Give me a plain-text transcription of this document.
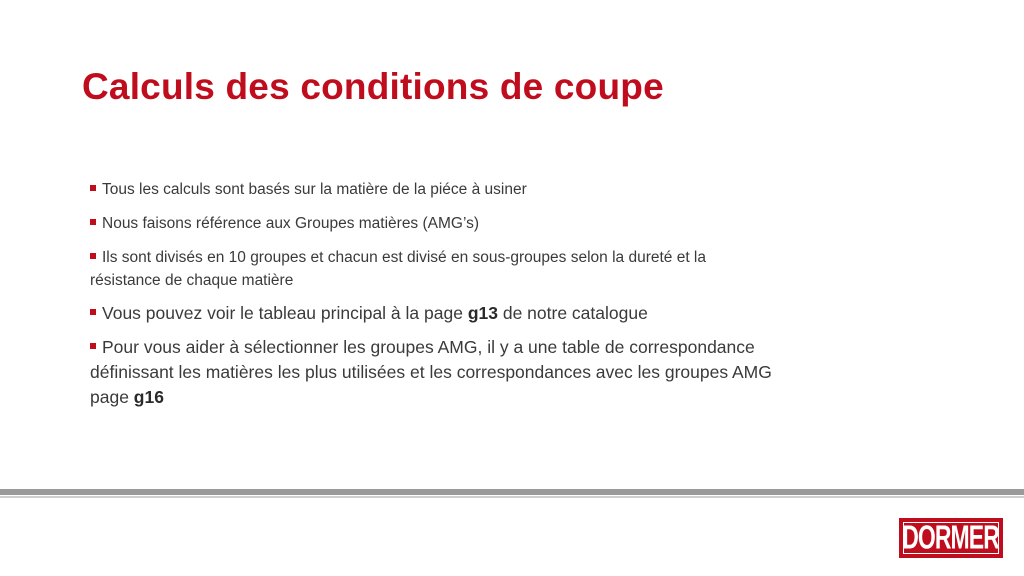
Calculs des conditions de coupe
Tous les calculs sont basés sur la matière de la piéce à usiner
Nous faisons référence aux Groupes matières (AMG’s)
Ils sont divisés en 10 groupes et chacun est divisé en sous-groupes selon la dureté et la
résistance de chaque matière
Vous pouvez voir le tableau principal à la page g13 de notre catalogue
Pour vous aider à sélectionner les groupes AMG, il y a une table de correspondance
définissant les matières les plus utilisées et les correspondances avec les groupes AMG
page g16
DORMER
